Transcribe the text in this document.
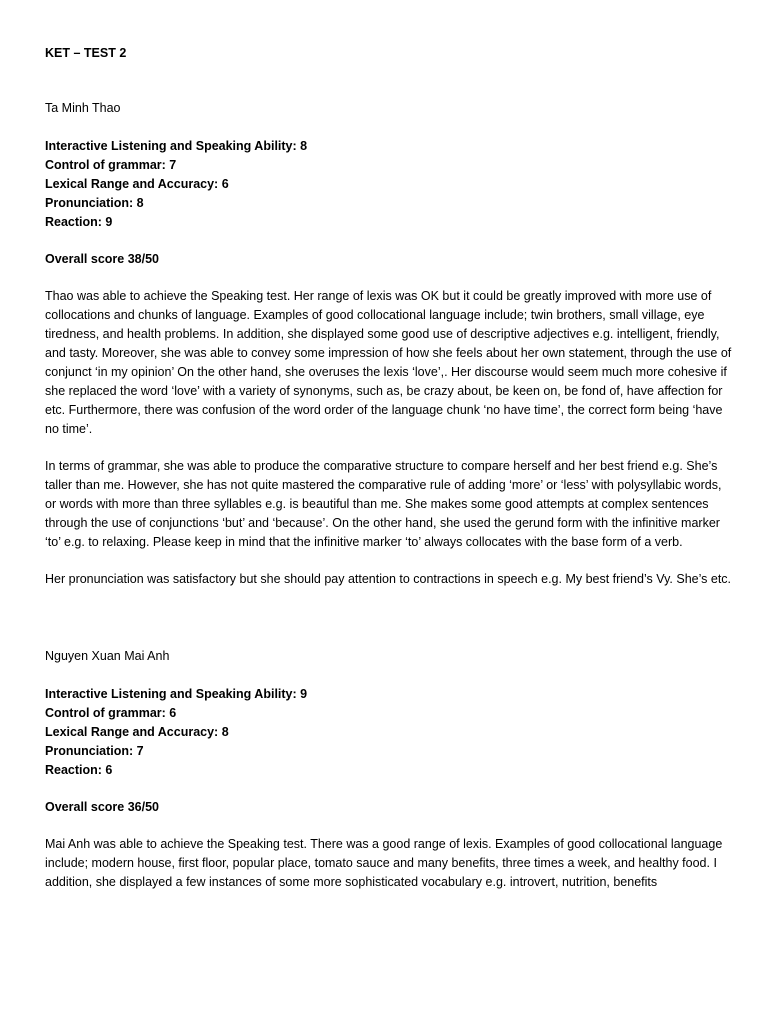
KET – TEST 2
Ta Minh Thao
Interactive Listening and Speaking Ability: 8
Control of grammar: 7
Lexical Range and Accuracy: 6
Pronunciation: 8
Reaction: 9
Overall score 38/50

Thao was able to achieve the Speaking test. Her range of lexis was OK but it could be greatly improved with more use of collocations and chunks of language. Examples of good collocational language include; twin brothers, small village, eye tiredness, and health problems. In addition, she displayed some good use of descriptive adjectives e.g. intelligent, friendly, and tasty. Moreover, she was able to convey some impression of how she feels about her own statement, through the use of conjunct ‘in my opinion’ On the other hand, she overuses the lexis ‘love’,. Her discourse would seem much more cohesive if she replaced the word ‘love’ with a variety of synonyms, such as, be crazy about, be keen on, be fond of, have affection for etc. Furthermore, there was confusion of the word order of the language chunk ‘no have time’, the correct form being ‘have no time’.

In terms of grammar, she was able to produce the comparative structure to compare herself and her best friend e.g. She’s taller than me. However, she has not quite mastered the comparative rule of adding ‘more’ or ‘less’ with polysyllabic words, or words with more than three syllables e.g. is beautiful than me. She makes some good attempts at complex sentences through the use of conjunctions ‘but’ and ‘because’. On the other hand, she used the gerund form with the infinitive marker ‘to’ e.g. to relaxing. Please keep in mind that the infinitive marker ‘to’ always collocates with the base form of a verb.

Her pronunciation was satisfactory but she should pay attention to contractions in speech e.g. My best friend’s Vy. She’s etc.

Nguyen Xuan Mai Anh
Interactive Listening and Speaking Ability: 9
Control of grammar: 6
Lexical Range and Accuracy: 8
Pronunciation: 7
Reaction: 6
Overall score 36/50

Mai Anh was able to achieve the Speaking test. There was a good range of lexis. Examples of good collocational language include; modern house, first floor, popular place, tomato sauce and many benefits, three times a week, and healthy food. I addition, she displayed a few instances of some more sophisticated vocabulary e.g. introvert, nutrition, benefits
